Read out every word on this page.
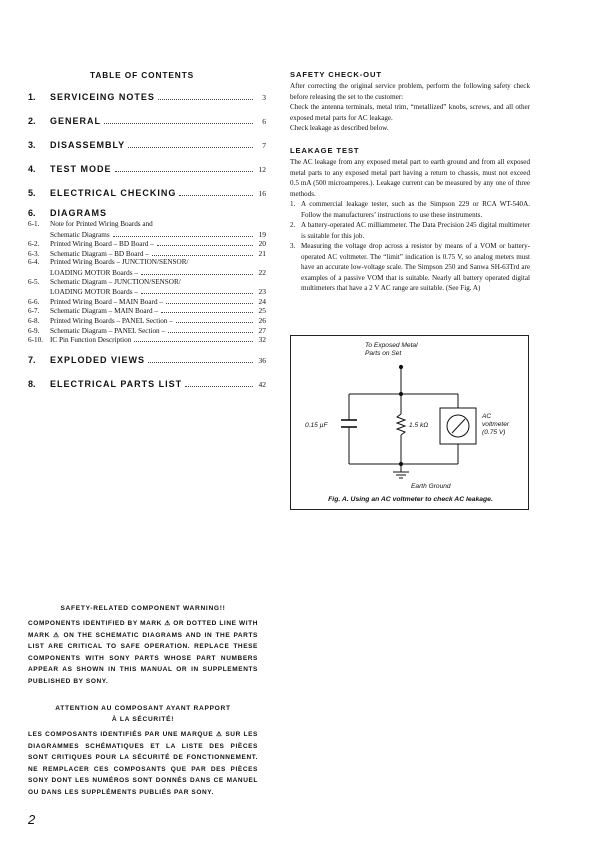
TABLE OF CONTENTS
1.	SERVICEING NOTES	3
2.	GENERAL	6
3.	DISASSEMBLY	7
4.	TEST MODE	12
5.	ELECTRICAL CHECKING	16
6.	DIAGRAMS
6-1.	Note for Printed Wiring Boards and
Schematic Diagrams	19
6-2.	Printed Wiring Board – BD Board –	20
6-3.	Schematic Diagram – BD Board –	21
6-4.	Printed Wiring Boards – JUNCTION/SENSOR/
LOADING MOTOR Boards –	22
6-5.	Schematic Diagram – JUNCTION/SENSOR/
LOADING MOTOR Boards –	23
6-6.	Printed Wiring Board – MAIN Board –	24
6-7.	Schematic Diagram – MAIN Board –	25
6-8.	Printed Wiring Boards – PANEL Section –	26
6-9.	Schematic Diagram – PANEL Section –	27
6-10. IC Pin Function Description	32
7.	EXPLODED VIEWS	36
8.	ELECTRICAL PARTS LIST	42
SAFETY CHECK-OUT

After correcting the original service problem, perform the following safety check before releasing the set to the customer:

Check the antenna terminals, metal trim, “metallized” knobs, screws, and all other exposed metal parts for AC leakage.

Check leakage as described below.

LEAKAGE TEST

The AC leakage from any exposed metal part to earth ground and from all exposed metal parts to any exposed metal part having a return to chassis, must not exceed 0.5 mA (500 microamperes.). Leakage current can be measured by any one of three methods.

1. A commercial leakage tester, such as the Simpson 229 or RCA WT-540A. Follow the manufacturers’ instructions to use these instruments.
2. A battery-operated AC milliammeter. The Data Precision 245 digital multimeter is suitable for this job.
3. Measuring the voltage drop across a resistor by means of a VOM or battery-operated AC voltmeter. The “limit” indication is 0.75 V, so analog meters must have an accurate low-voltage scale. The Simpson 250 and Sanwa SH-63Trd are examples of a passive VOM that is suitable. Nearly all battery operated digital multimeters that have a 2 V AC range are suitable. (See Fig. A)
To Exposed Metal
Parts on Set
0.15 µF	1.5 kΩ
AC
voltmeter
(0.75 V)
Earth Ground
Fig. A. Using an AC voltmeter to check AC leakage.
SAFETY-RELATED COMPONENT WARNING!!
COMPONENTS IDENTIFIED BY MARK ⚠ OR DOTTED LINE WITH MARK ⚠ ON THE SCHEMATIC DIAGRAMS AND IN THE PARTS LIST ARE CRITICAL TO SAFE OPERATION. REPLACE THESE COMPONENTS WITH SONY PARTS WHOSE PART NUMBERS APPEAR AS SHOWN IN THIS MANUAL OR IN SUPPLEMENTS PUBLISHED BY SONY.
ATTENTION AU COMPOSANT AYANT RAPPORT
À LA SÉCURITÉ!
LES COMPOSANTS IDENTIFIÉS PAR UNE MARQUE ⚠ SUR LES DIAGRAMMES SCHÉMATIQUES ET LA LISTE DES PIÈCES SONT CRITIQUES POUR LA SÉCURITÉ DE FONCTIONNEMENT. NE REMPLACER CES COMPOSANTS QUE PAR DES PIÈCES SONY DONT LES NUMÉROS SONT DONNÉS DANS CE MANUEL OU DANS LES SUPPLÉMENTS PUBLIÉS PAR SONY.
2
